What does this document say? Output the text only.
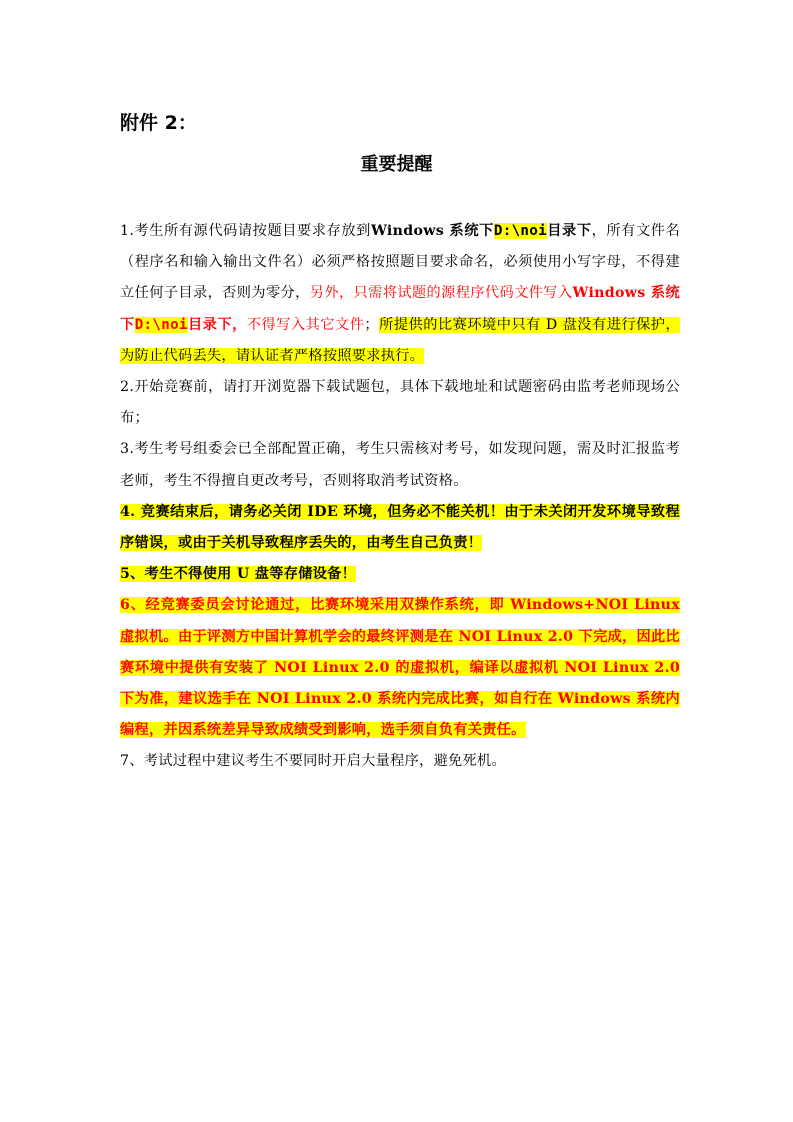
附件 2：
重要提醒

1.考生所有源代码请按题目要求存放到Windows 系统下D:\noi目录下，所有文件名（程序名和输入输出文件名）必须严格按照题目要求命名，必须使用小写字母，不得建立任何子目录，否则为零分，另外，只需将试题的源程序代码文件写入Windows 系统下D:\noi目录下，不得写入其它文件；所提供的比赛环境中只有 D 盘没有进行保护，为防止代码丢失，请认证者严格按照要求执行。

2.开始竞赛前，请打开浏览器下载试题包，具体下载地址和试题密码由监考老师现场公布；

3.考生考号组委会已全部配置正确，考生只需核对考号，如发现问题，需及时汇报监考老师，考生不得擅自更改考号，否则将取消考试资格。

4. 竞赛结束后，请务必关闭 IDE 环境，但务必不能关机！由于未关闭开发环境导致程序错误，或由于关机导致程序丢失的，由考生自己负责！

5、考生不得使用 U 盘等存储设备！

6、经竞赛委员会讨论通过，比赛环境采用双操作系统，即 Windows+NOI Linux 虚拟机。由于评测方中国计算机学会的最终评测是在 NOI Linux 2.0 下完成，因此比赛环境中提供有安装了 NOI Linux 2.0 的虚拟机，编译以虚拟机 NOI Linux 2.0 下为准，建议选手在 NOI Linux 2.0 系统内完成比赛，如自行在 Windows 系统内编程，并因系统差异导致成绩受到影响，选手须自负有关责任。

7、考试过程中建议考生不要同时开启大量程序，避免死机。
